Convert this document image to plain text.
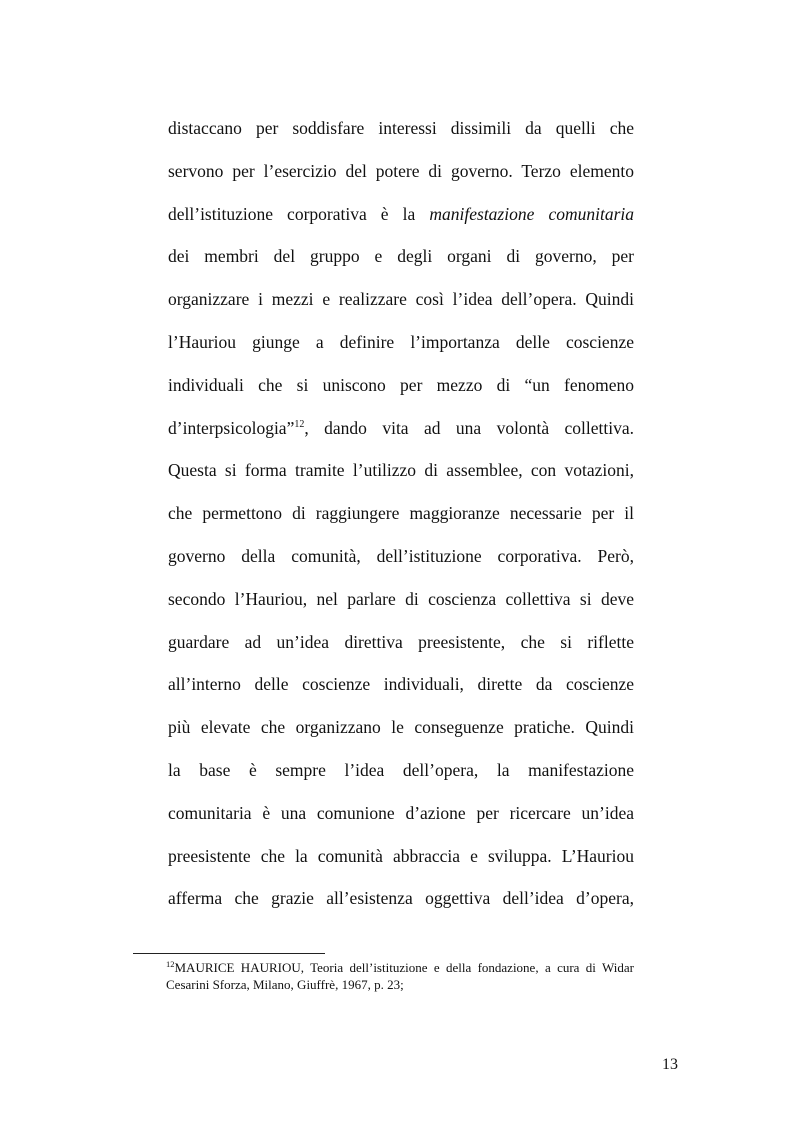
distaccano per soddisfare interessi dissimili da quelli che
servono per l’esercizio del potere di governo. Terzo elemento
dell’istituzione corporativa è la manifestazione comunitaria
dei membri del gruppo e degli organi di governo, per
organizzare i mezzi e realizzare così l’idea dell’opera. Quindi
l’Hauriou giunge a definire l’importanza delle coscienze
individuali che si uniscono per mezzo di “un fenomeno
d’interpsicologia”$^{12}$, dando vita ad una volontà collettiva.
Questa si forma tramite l’utilizzo di assemblee, con votazioni,
che permettono di raggiungere maggioranze necessarie per il
governo della comunità, dell’istituzione corporativa. Però,
secondo l’Hauriou, nel parlare di coscienza collettiva si deve
guardare ad un’idea direttiva preesistente, che si riflette
all’interno delle coscienze individuali, dirette da coscienze
più elevate che organizzano le conseguenze pratiche. Quindi
la base è sempre l’idea dell’opera, la manifestazione
comunitaria è una comunione d’azione per ricercare un’idea
preesistente che la comunità abbraccia e sviluppa. L’Hauriou
afferma che grazie all’esistenza oggettiva dell’idea d’opera,
$^{12}$MAURICE HAURIOU, Teoria dell’istituzione e della fondazione, a cura di Widar
Cesarini Sforza, Milano, Giuffrè, 1967, p. 23;
13
